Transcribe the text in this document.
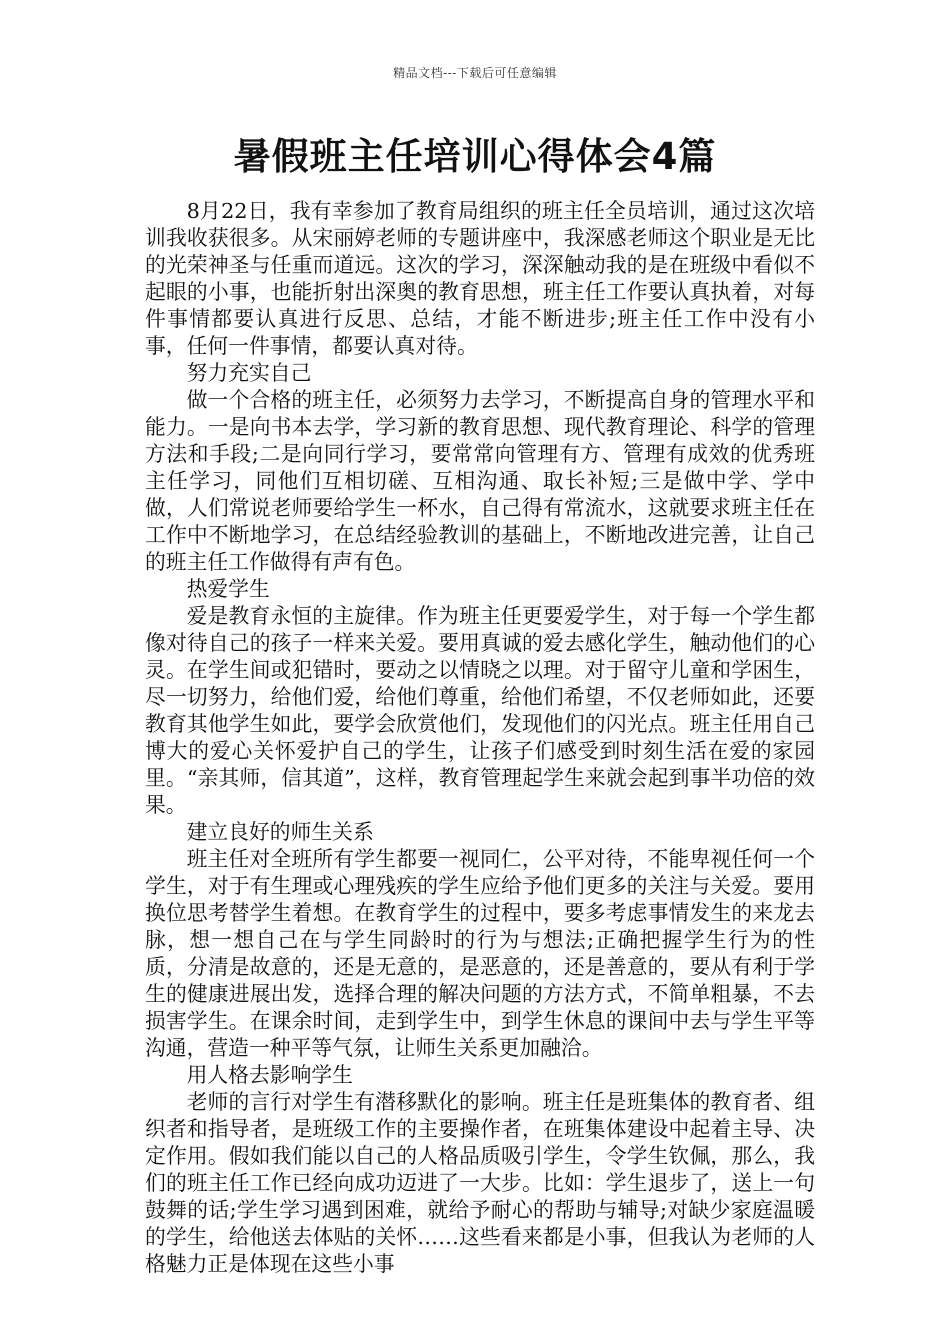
精品文档---下载后可任意编辑
暑假班主任培训心得体会4篇

8月22日，我有幸参加了教育局组织的班主任全员培训，通过这次培训我收获很多。从宋丽婷老师的专题讲座中，我深感老师这个职业是无比的光荣神圣与任重而道远。这次的学习，深深触动我的是在班级中看似不起眼的小事，也能折射出深奥的教育思想，班主任工作要认真执着，对每件事情都要认真进行反思、总结，才能不断进步;班主任工作中没有小事，任何一件事情，都要认真对待。

努力充实自己

做一个合格的班主任，必须努力去学习，不断提高自身的管理水平和能力。一是向书本去学，学习新的教育思想、现代教育理论、科学的管理方法和手段;二是向同行学习，要常常向管理有方、管理有成效的优秀班主任学习，同他们互相切磋、互相沟通、取长补短;三是做中学、学中做，人们常说老师要给学生一杯水，自己得有常流水，这就要求班主任在工作中不断地学习，在总结经验教训的基础上，不断地改进完善，让自己的班主任工作做得有声有色。

热爱学生

爱是教育永恒的主旋律。作为班主任更要爱学生，对于每一个学生都像对待自己的孩子一样来关爱。要用真诚的爱去感化学生，触动他们的心灵。在学生间或犯错时，要动之以情晓之以理。对于留守儿童和学困生，尽一切努力，给他们爱，给他们尊重，给他们希望，不仅老师如此，还要教育其他学生如此，要学会欣赏他们，发现他们的闪光点。班主任用自己博大的爱心关怀爱护自己的学生，让孩子们感受到时刻生活在爱的家园里。“亲其师，信其道”，这样，教育管理起学生来就会起到事半功倍的效果。

建立良好的师生关系

班主任对全班所有学生都要一视同仁，公平对待，不能卑视任何一个学生，对于有生理或心理残疾的学生应给予他们更多的关注与关爱。要用换位思考替学生着想。在教育学生的过程中，要多考虑事情发生的来龙去脉，想一想自己在与学生同龄时的行为与想法;正确把握学生行为的性质，分清是故意的，还是无意的，是恶意的，还是善意的，要从有利于学生的健康进展出发，选择合理的解决问题的方法方式，不简单粗暴，不去损害学生。在课余时间，走到学生中，到学生休息的课间中去与学生平等沟通，营造一种平等气氛，让师生关系更加融洽。

用人格去影响学生

老师的言行对学生有潜移默化的影响。班主任是班集体的教育者、组织者和指导者，是班级工作的主要操作者，在班集体建设中起着主导、决定作用。假如我们能以自己的人格品质吸引学生，令学生钦佩，那么，我们的班主任工作已经向成功迈进了一大步。比如：学生退步了，送上一句鼓舞的话;学生学习遇到困难，就给予耐心的帮助与辅导;对缺少家庭温暖的学生，给他送去体贴的关怀……这些看来都是小事，但我认为老师的人格魅力正是体现在这些小事
